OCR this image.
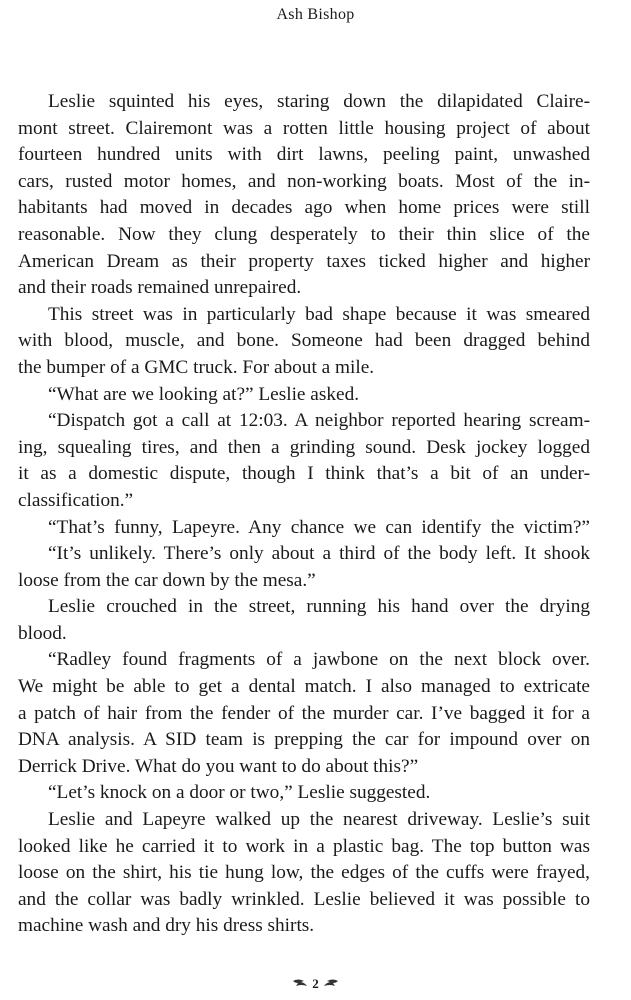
Ash Bishop
Leslie squinted his eyes, staring down the dilapidated Claire-
mont street. Clairemont was a rotten little housing project of about
fourteen hundred units with dirt lawns, peeling paint, unwashed
cars, rusted motor homes, and non-working boats. Most of the in-
habitants had moved in decades ago when home prices were still
reasonable. Now they clung desperately to their thin slice of the
American Dream as their property taxes ticked higher and higher
and their roads remained unrepaired.
This street was in particularly bad shape because it was smeared
with blood, muscle, and bone. Someone had been dragged behind
the bumper of a GMC truck. For about a mile.
“What are we looking at?” Leslie asked.
“Dispatch got a call at 12:03. A neighbor reported hearing scream-
ing, squealing tires, and then a grinding sound. Desk jockey logged
it as a domestic dispute, though I think that’s a bit of an under-
classification.”
“That’s funny, Lapeyre. Any chance we can identify the victim?”
“It’s unlikely. There’s only about a third of the body left. It shook
loose from the car down by the mesa.”
Leslie crouched in the street, running his hand over the drying
blood.
“Radley found fragments of a jawbone on the next block over.
We might be able to get a dental match. I also managed to extricate
a patch of hair from the fender of the murder car. I’ve bagged it for a
DNA analysis. A SID team is prepping the car for impound over on
Derrick Drive. What do you want to do about this?”
“Let’s knock on a door or two,” Leslie suggested.
Leslie and Lapeyre walked up the nearest driveway. Leslie’s suit
looked like he carried it to work in a plastic bag. The top button was
loose on the shirt, his tie hung low, the edges of the cuffs were frayed,
and the collar was badly wrinkled. Leslie believed it was possible to
machine wash and dry his dress shirts.
2
